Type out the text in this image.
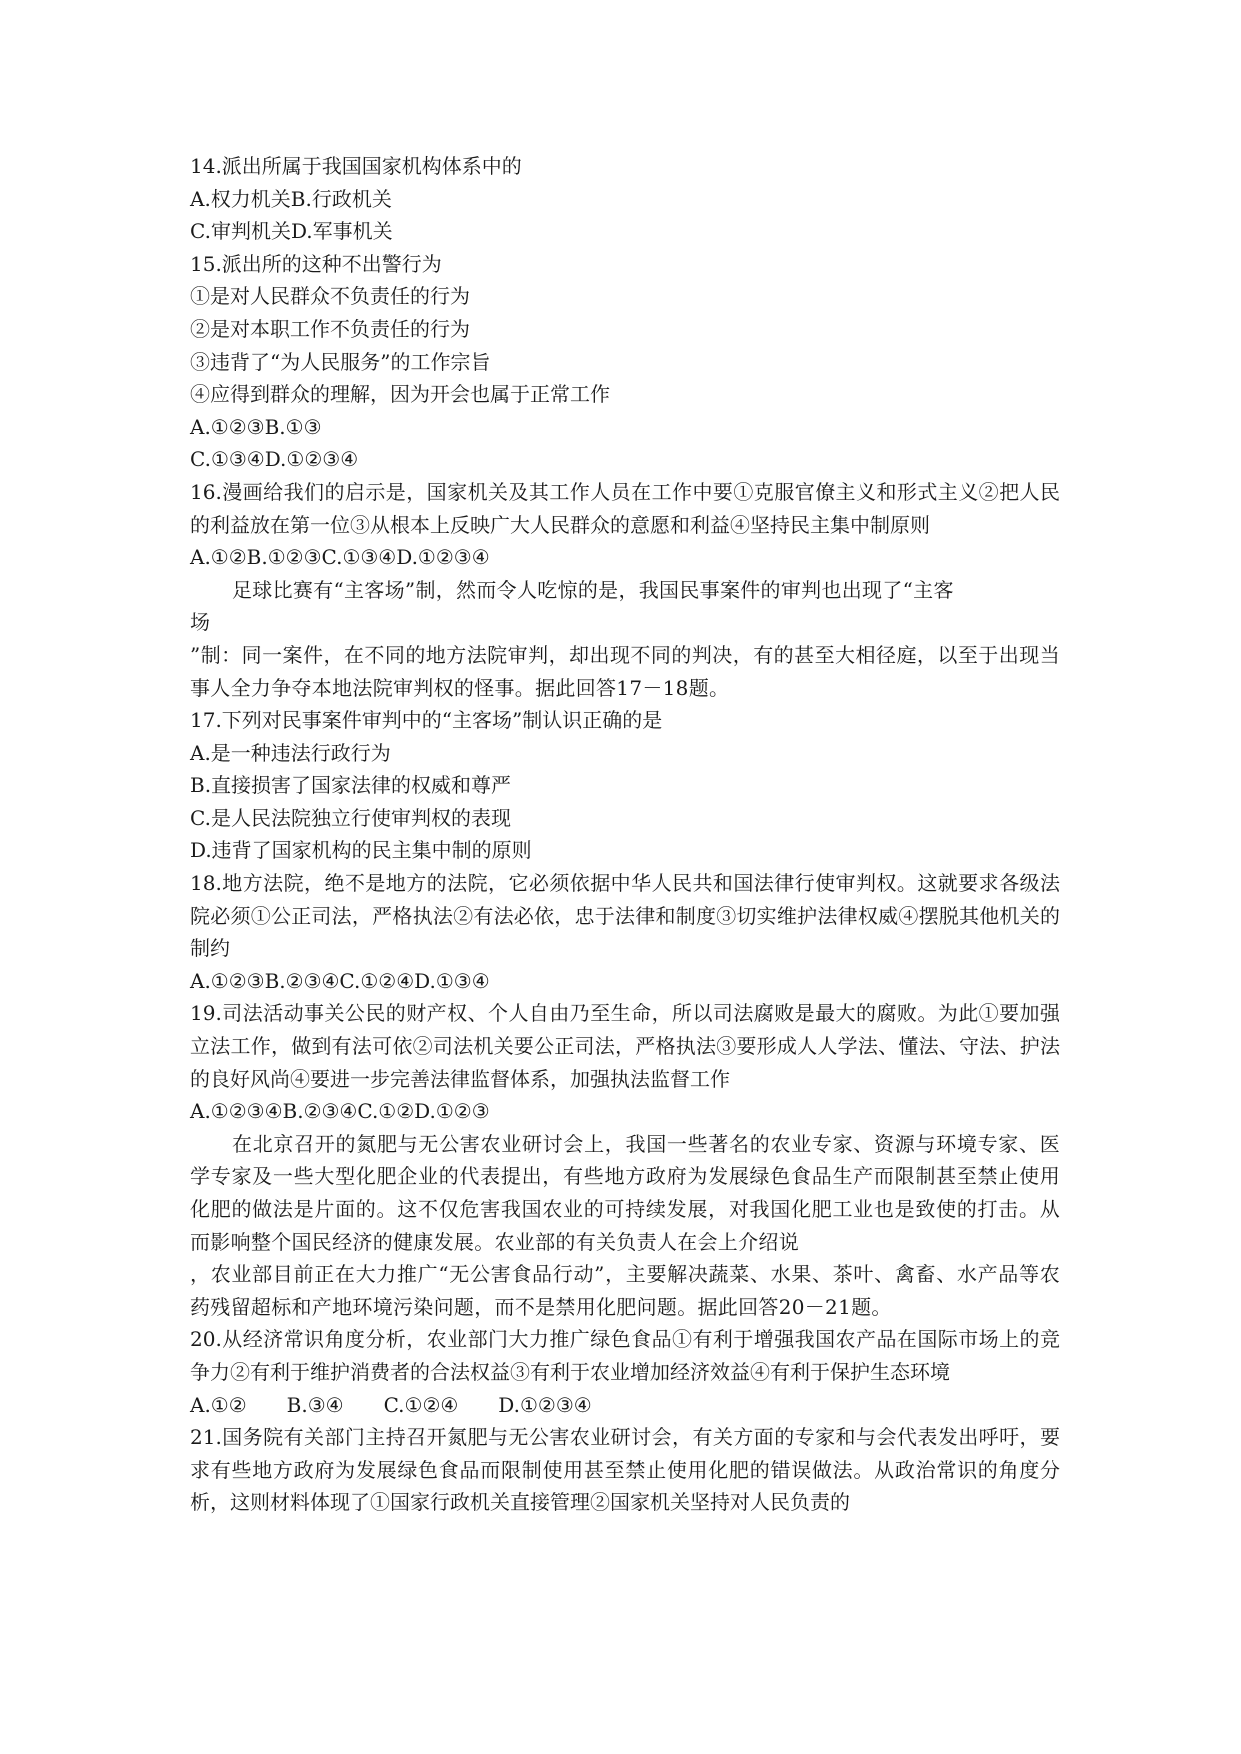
14.派出所属于我国国家机构体系中的
A.权力机关B.行政机关
C.审判机关D.军事机关
15.派出所的这种不出警行为
①是对人民群众不负责任的行为
②是对本职工作不负责任的行为
③违背了“为人民服务”的工作宗旨
④应得到群众的理解，因为开会也属于正常工作
A.①②③B.①③
C.①③④D.①②③④
16.漫画给我们的启示是，国家机关及其工作人员在工作中要①克服官僚主义和形式主义②把人民的利益放在第一位③从根本上反映广大人民群众的意愿和利益④坚持民主集中制原则
A.①②B.①②③C.①③④D.①②③④
足球比赛有“主客场”制，然而令人吃惊的是，我国民事案件的审判也出现了“主客
场
”制：同一案件，在不同的地方法院审判，却出现不同的判决，有的甚至大相径庭，以至于出现当事人全力争夺本地法院审判权的怪事。据此回答17－18题。
17.下列对民事案件审判中的“主客场”制认识正确的是
A.是一种违法行政行为
B.直接损害了国家法律的权威和尊严
C.是人民法院独立行使审判权的表现
D.违背了国家机构的民主集中制的原则
18.地方法院，绝不是地方的法院，它必须依据中华人民共和国法律行使审判权。这就要求各级法院必须①公正司法，严格执法②有法必依，忠于法律和制度③切实维护法律权威④摆脱其他机关的制约
A.①②③B.②③④C.①②④D.①③④
19.司法活动事关公民的财产权、个人自由乃至生命，所以司法腐败是最大的腐败。为此①要加强立法工作，做到有法可依②司法机关要公正司法，严格执法③要形成人人学法、懂法、守法、护法的良好风尚④要进一步完善法律监督体系，加强执法监督工作
A.①②③④B.②③④C.①②D.①②③
在北京召开的氮肥与无公害农业研讨会上，我国一些著名的农业专家、资源与环境专家、医学专家及一些大型化肥企业的代表提出，有些地方政府为发展绿色食品生产而限制甚至禁止使用化肥的做法是片面的。这不仅危害我国农业的可持续发展，对我国化肥工业也是致使的打击。从而影响整个国民经济的健康发展。农业部的有关负责人在会上介绍说
，农业部目前正在大力推广“无公害食品行动”，主要解决蔬菜、水果、茶叶、禽畜、水产品等农药残留超标和产地环境污染问题，而不是禁用化肥问题。据此回答20－21题。
20.从经济常识角度分析，农业部门大力推广绿色食品①有利于增强我国农产品在国际市场上的竞争力②有利于维护消费者的合法权益③有利于农业增加经济效益④有利于保护生态环境
A.①②　　B.③④　　C.①②④　　D.①②③④
21.国务院有关部门主持召开氮肥与无公害农业研讨会，有关方面的专家和与会代表发出呼吁，要求有些地方政府为发展绿色食品而限制使用甚至禁止使用化肥的错误做法。从政治常识的角度分析，这则材料体现了①国家行政机关直接管理②国家机关坚持对人民负责的
